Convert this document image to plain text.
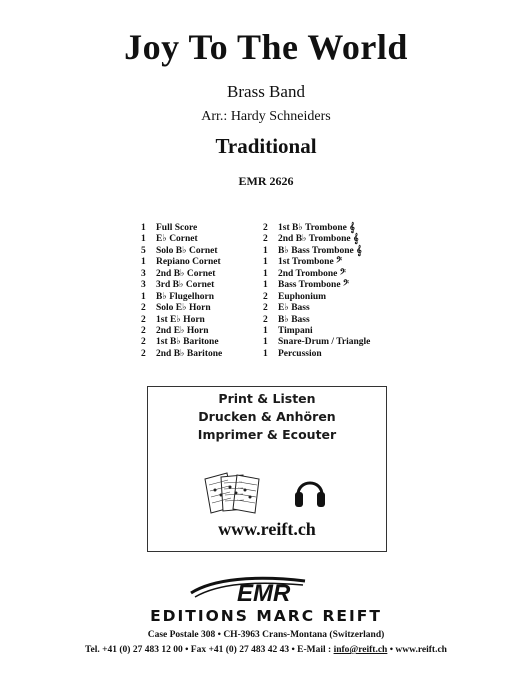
Joy To The World
Brass Band
Arr.: Hardy Schneiders
Traditional
EMR 2626
1 Full Score
1 E♭ Cornet
5 Solo B♭ Cornet
1 Repiano Cornet
3 2nd B♭ Cornet
3 3rd B♭ Cornet
1 B♭ Flugelhorn
2 Solo E♭ Horn
2 1st E♭ Horn
2 2nd E♭ Horn
2 1st B♭ Baritone
2 2nd B♭ Baritone
2 1st B♭ Trombone 𝄞
2 2nd B♭ Trombone 𝄞
1 B♭ Bass Trombone 𝄞
1 1st Trombone 𝄢
1 2nd Trombone 𝄢
1 Bass Trombone 𝄢
2 Euphonium
2 E♭ Bass
2 B♭ Bass
1 Timpani
1 Snare-Drum / Triangle
1 Percussion
Print & Listen
Drucken & Anhören
Imprimer & Ecouter
www.reift.ch
EMR
EDITIONS MARC REIFT
Case Postale 308 • CH-3963 Crans-Montana (Switzerland)
Tel. +41 (0) 27 483 12 00 • Fax +41 (0) 27 483 42 43 • E-Mail : info@reift.ch • www.reift.ch
